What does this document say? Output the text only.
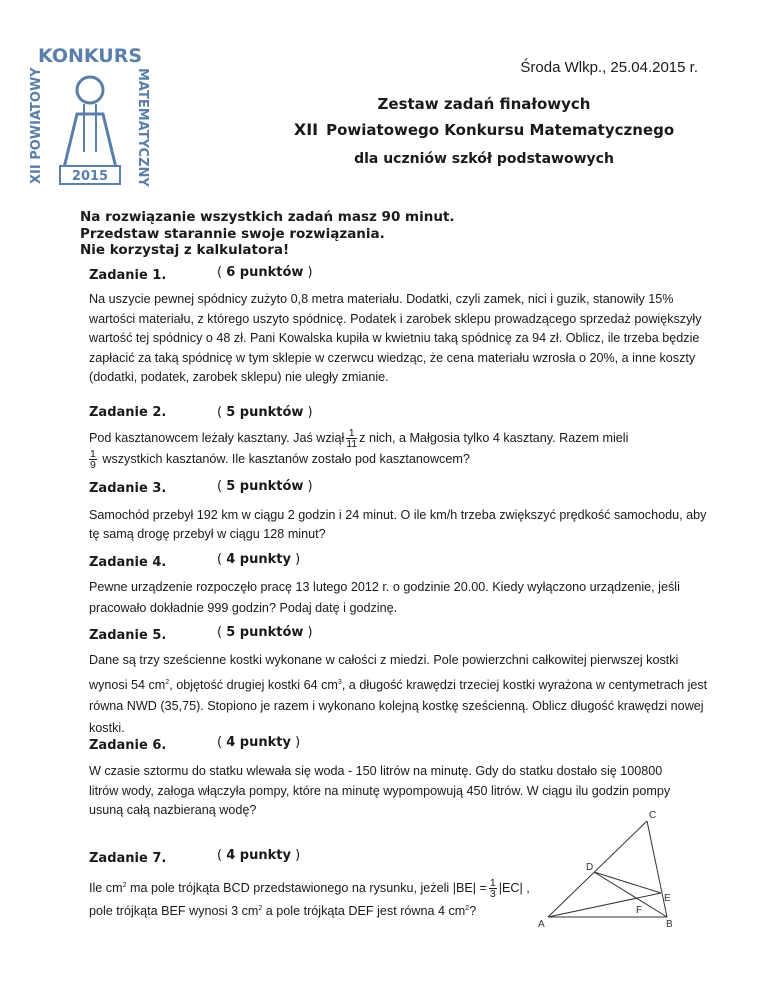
KONKURS
XII POWIATOWY	MATEMATYCZNY
2015
Środa Wlkp., 25.04.2015 r.
Zestaw zadań finałowych
XII Powiatowego Konkursu Matematycznego
dla uczniów szkół podstawowych
Na rozwiązanie wszystkich zadań masz 90 minut.
Przedstaw starannie swoje rozwiązania.
Nie korzystaj z kalkulatora!
Zadanie 1.	( 6 punktów )
Na uszycie pewnej spódnicy zużyto 0,8 metra materiału. Dodatki, czyli zamek, nici i guzik, stanowiły 15% wartości materiału, z którego uszyto spódnicę. Podatek i zarobek sklepu prowadzącego sprzedaż powiększyły wartość tej spódnicy o 48 zł. Pani Kowalska kupiła w kwietniu taką spódnicę za 94 zł. Oblicz, ile trzeba będzie zapłacić za taką spódnicę w tym sklepie w czerwcu wiedząc, że cena materiału wzrosła o 20%, a inne koszty (dodatki, podatek, zarobek sklepu) nie uległy zmianie.
Zadanie 2.	( 5 punktów )
Pod kasztanowcem leżały kasztany. Jaś wziął $\frac{1}{11}$ z nich, a Małgosia tylko 4 kasztany. Razem mieli

$\frac{1}{9}$ wszystkich kasztanów. Ile kasztanów zostało pod kasztanowcem?
Zadanie 3.	( 5 punktów )
Samochód przebył 192 km w ciągu 2 godzin i 24 minut. O ile km/h trzeba zwiększyć prędkość samochodu, aby tę samą drogę przebył w ciągu 128 minut?
Zadanie 4.	( 4 punkty )
Pewne urządzenie rozpoczęło pracę 13 lutego 2012 r. o godzinie 20.00. Kiedy wyłączono urządzenie, jeśli pracowało dokładnie 999 godzin? Podaj datę i godzinę.
Zadanie 5.	( 5 punktów )
Dane są trzy sześcienne kostki wykonane w całości z miedzi. Pole powierzchni całkowitej pierwszej kostki wynosi 54 $cm^2$, objętość drugiej kostki 64 $cm^3$, a długość krawędzi trzeciej kostki wyrażona w centymetrach jest równa NWD (35,75). Stopiono je razem i wykonano kolejną kostkę sześcienną. Oblicz długość krawędzi nowej kostki.
Zadanie 6.	( 4 punkty )
W czasie sztormu do statku wlewała się woda - 150 litrów na minutę. Gdy do statku dostało się 100800 litrów wody, załoga włączyła pompy, które na minutę wypompowują 450 litrów. W ciągu ilu godzin pompy usuną całą nazbieraną wodę?
Zadanie 7.	( 4 punkty )
Ile $cm^2$ ma pole trójkąta BCD przedstawionego na rysunku, jeżeli $|BE| = \frac{1}{3} |EC|$ ,
pole trójkąta BEF wynosi 3 $cm^2$ a pole trójkąta DEF jest równa 4 $cm^2$?
C
D
E
F
A	B
